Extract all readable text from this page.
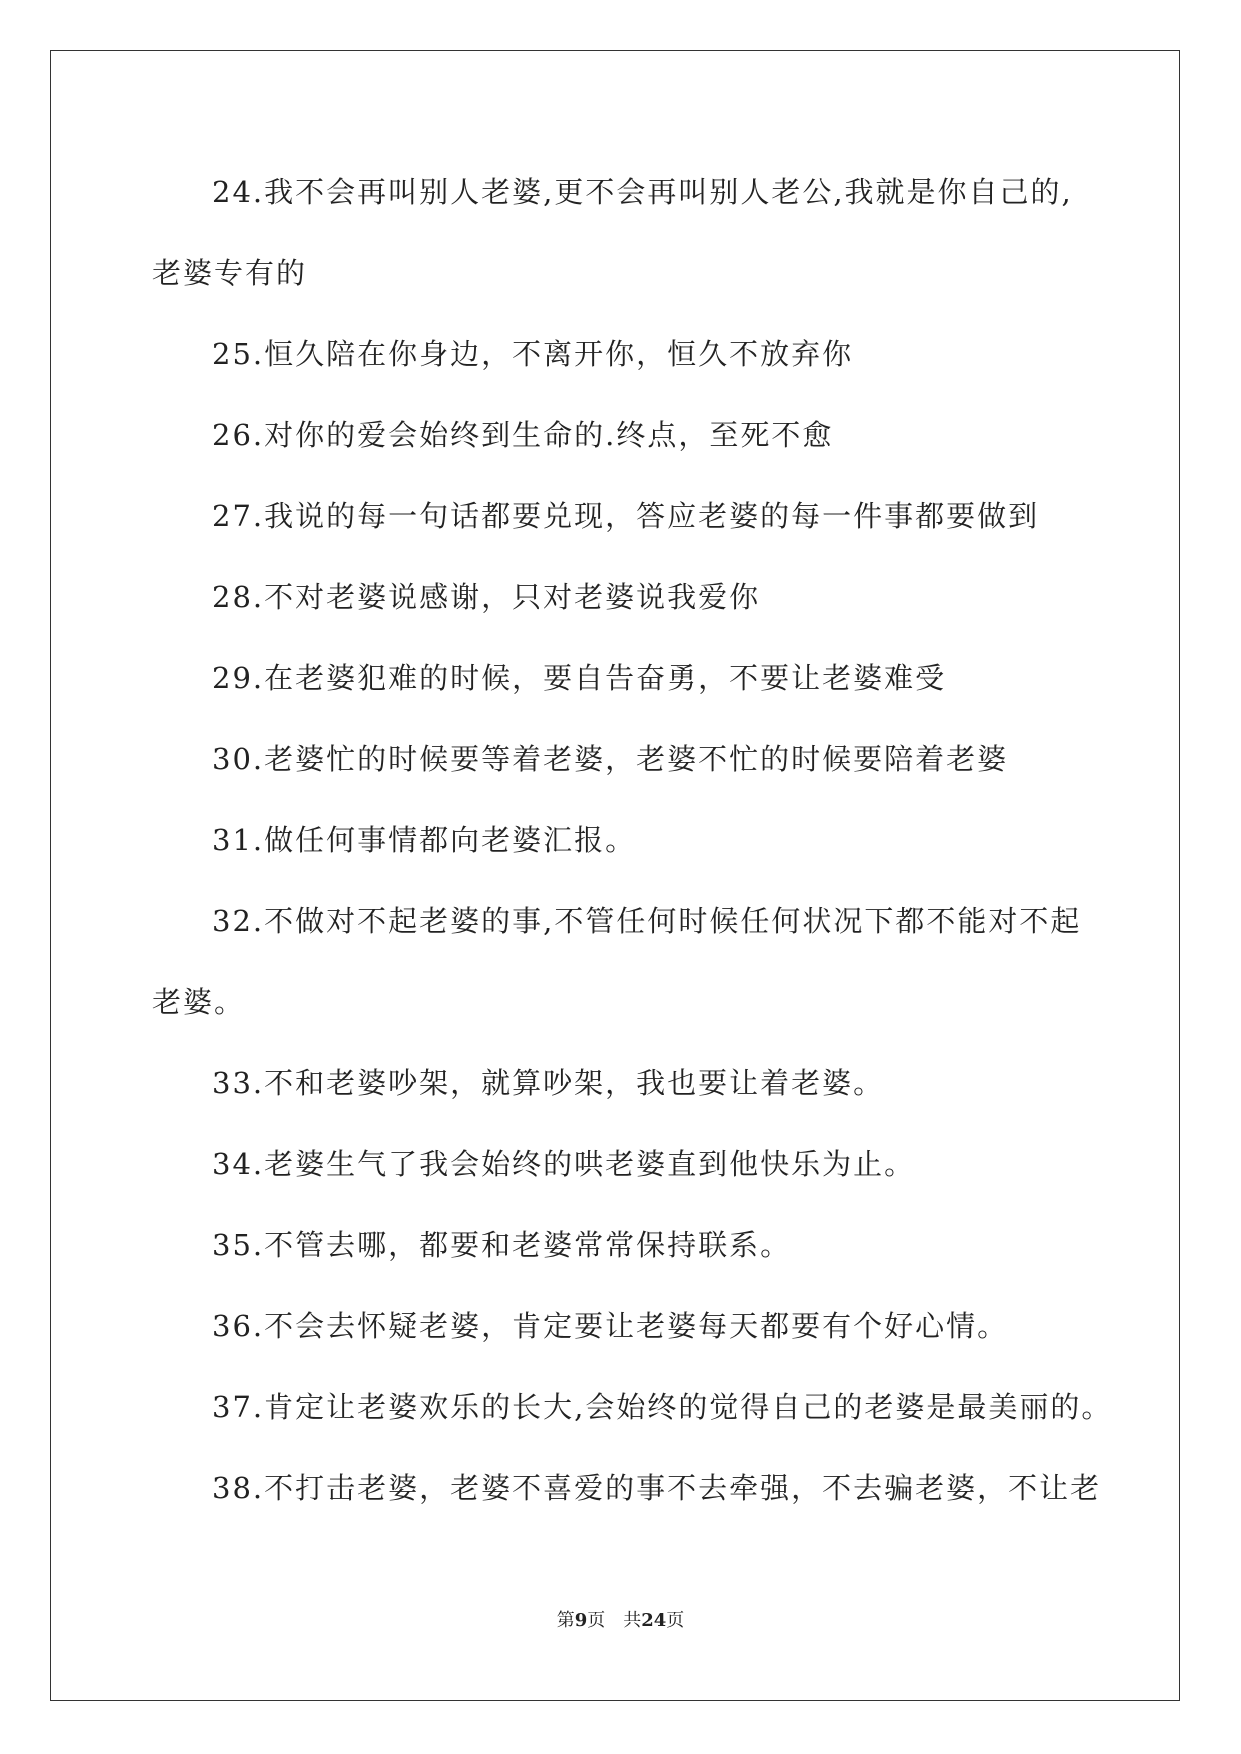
24.我不会再叫别人老婆,更不会再叫别人老公,我就是你自己的,
老婆专有的
25.恒久陪在你身边，不离开你，恒久不放弃你
26.对你的爱会始终到生命的.终点，至死不愈
27.我说的每一句话都要兑现，答应老婆的每一件事都要做到
28.不对老婆说感谢，只对老婆说我爱你
29.在老婆犯难的时候，要自告奋勇，不要让老婆难受
30.老婆忙的时候要等着老婆，老婆不忙的时候要陪着老婆
31.做任何事情都向老婆汇报。
32.不做对不起老婆的事,不管任何时候任何状况下都不能对不起
老婆。
33.不和老婆吵架，就算吵架，我也要让着老婆。
34.老婆生气了我会始终的哄老婆直到他快乐为止。
35.不管去哪，都要和老婆常常保持联系。
36.不会去怀疑老婆，肯定要让老婆每天都要有个好心情。
37.肯定让老婆欢乐的长大,会始终的觉得自己的老婆是最美丽的。
38.不打击老婆，老婆不喜爱的事不去牵强，不去骗老婆，不让老
第9页　共24页
